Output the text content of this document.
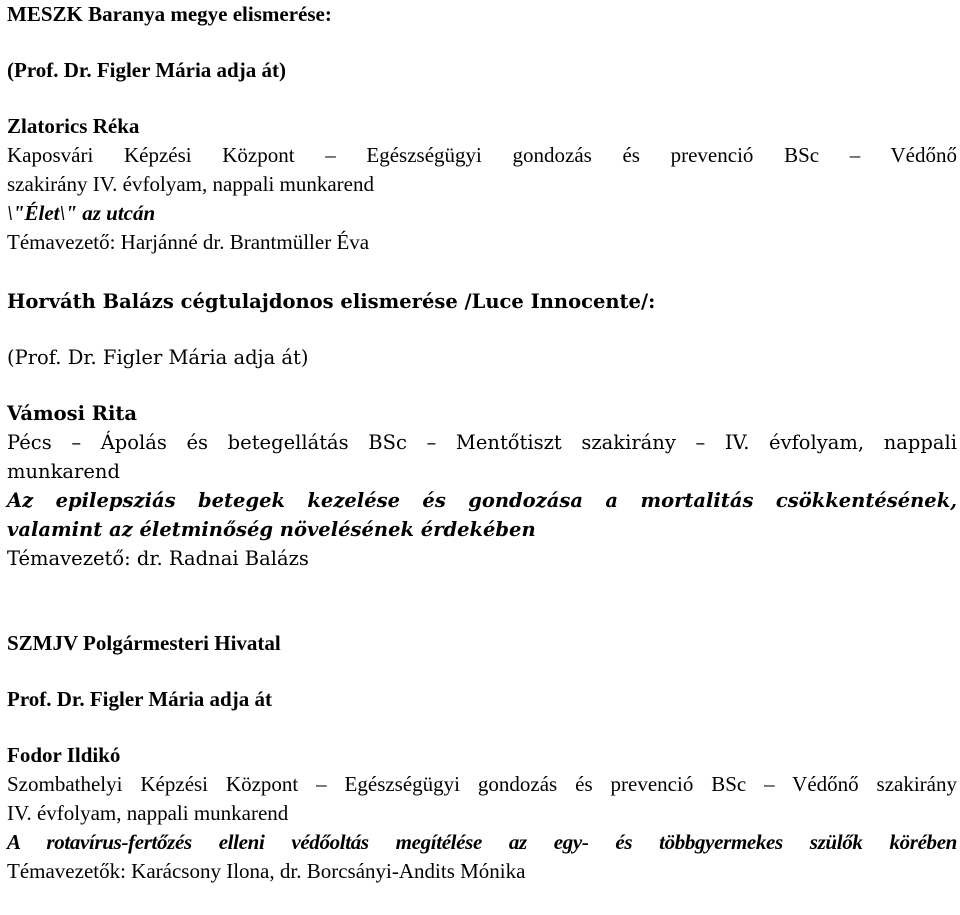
MESZK Baranya megye elismerése:
(Prof. Dr. Figler Mária adja át)
Zlatorics Réka
Kaposvári Képzési Központ – Egészségügyi gondozás és prevenció BSc – Védőnő
szakirány IV. évfolyam, nappali munkarend
\"Élet\" az utcán
Témavezető: Harjánné dr. Brantmüller Éva
Horváth Balázs cégtulajdonos elismerése /Luce Innocente/:
(Prof. Dr. Figler Mária adja át)
Vámosi Rita
Pécs – Ápolás és betegellátás BSc – Mentőtiszt szakirány – IV. évfolyam, nappali
munkarend
Az epilepsziás betegek kezelése és gondozása a mortalitás csökkentésének,
valamint az életminőség növelésének érdekében
Témavezető: dr. Radnai Balázs
SZMJV Polgármesteri Hivatal
Prof. Dr. Figler Mária adja át
Fodor Ildikó
Szombathelyi Képzési Központ – Egészségügyi gondozás és prevenció BSc – Védőnő szakirány
IV. évfolyam, nappali munkarend
A rotavírus-fertőzés elleni védőoltás megítélése az egy- és többgyermekes szülők körében
Témavezetők: Karácsony Ilona, dr. Borcsányi-Andits Mónika
